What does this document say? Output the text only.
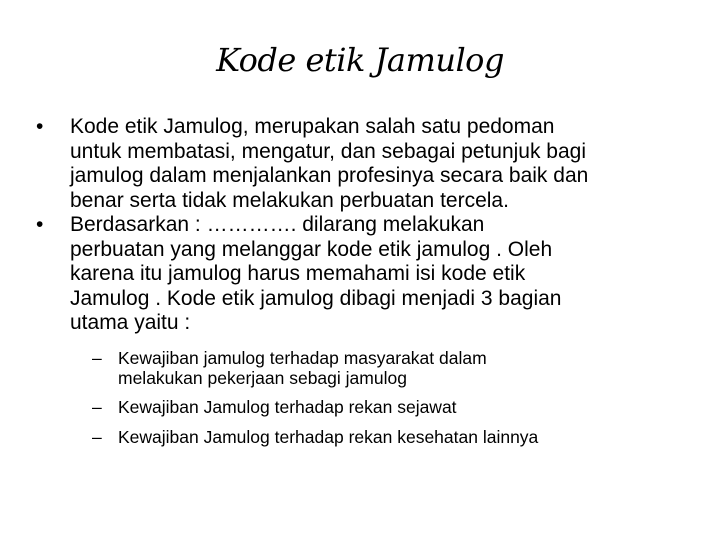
Kode etik Jamulog
•	Kode etik Jamulog, merupakan salah satu pedoman
untuk membatasi, mengatur, dan sebagai petunjuk bagi
jamulog dalam menjalankan profesinya secara baik dan
benar serta tidak melakukan perbuatan tercela.
•	Berdasarkan : …………. dilarang melakukan
perbuatan yang melanggar kode etik jamulog . Oleh
karena itu jamulog harus memahami isi kode etik
Jamulog . Kode etik jamulog dibagi menjadi 3 bagian
utama yaitu :
– Kewajiban jamulog terhadap masyarakat dalam
melakukan pekerjaan sebagi jamulog
– Kewajiban Jamulog terhadap rekan sejawat
– Kewajiban Jamulog terhadap rekan kesehatan lainnya
